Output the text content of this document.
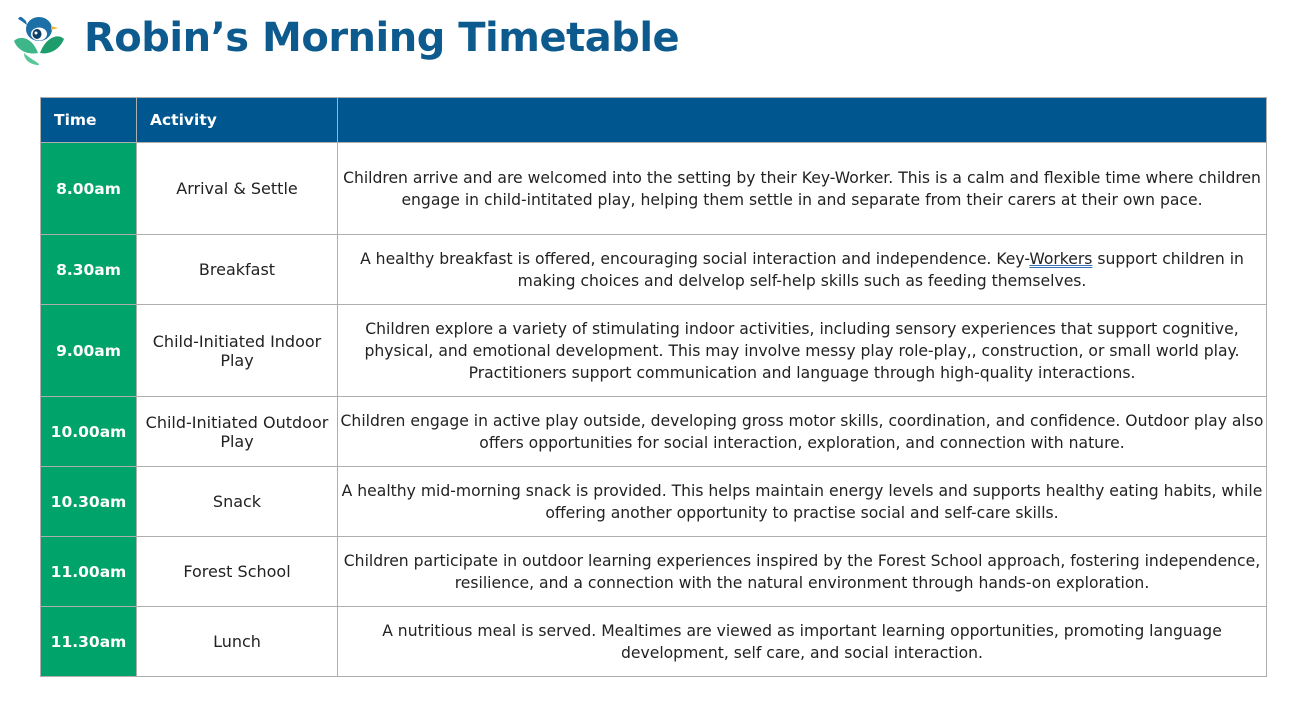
Robin’s Morning Timetable
Time	Activity	
8.00am	Arrival & Settle	Children arrive and are welcomed into the setting by their Key-Worker. This is a calm and flexible time where children engage in child-intitated play, helping them settle in and separate from their carers at their own pace.
8.30am	Breakfast	A healthy breakfast is offered, encouraging social interaction and independence. Key-Workers support children in making choices and delvelop self-help skills such as feeding themselves.
9.00am	Child-Initiated Indoor Play	Children explore a variety of stimulating indoor activities, including sensory experiences that support cognitive, physical, and emotional development. This may involve messy play role-play,, construction, or small world play. Practitioners support communication and language through high-quality interactions.
10.00am	Child-Initiated Outdoor Play	Children engage in active play outside, developing gross motor skills, coordination, and confidence. Outdoor play also offers opportunities for social interaction, exploration, and connection with nature.
10.30am	Snack	A healthy mid-morning snack is provided. This helps maintain energy levels and supports healthy eating habits, while offering another opportunity to practise social and self-care skills.
11.00am	Forest School	Children participate in outdoor learning experiences inspired by the Forest School approach, fostering independence, resilience, and a connection with the natural environment through hands-on exploration.
11.30am	Lunch	A nutritious meal is served. Mealtimes are viewed as important learning opportunities, promoting language development, self care, and social interaction.
